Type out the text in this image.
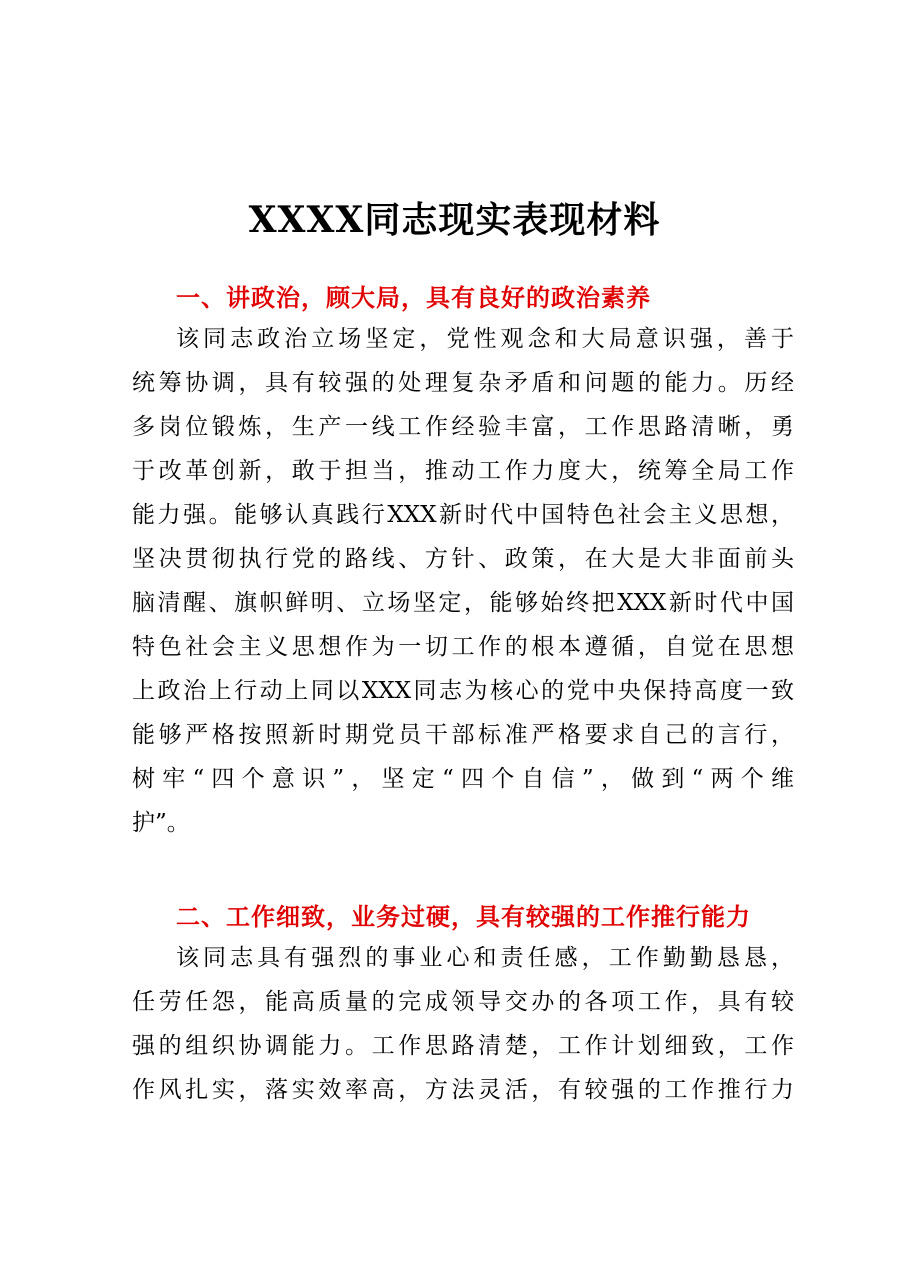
XXXX同志现实表现材料
一、讲政治，顾大局，具有良好的政治素养
该同志政治立场坚定，党性观念和大局意识强，善于
统筹协调，具有较强的处理复杂矛盾和问题的能力。历经
多岗位锻炼，生产一线工作经验丰富，工作思路清晰，勇
于改革创新，敢于担当，推动工作力度大，统筹全局工作
能力强。能够认真践行XXX新时代中国特色社会主义思想，
坚决贯彻执行党的路线、方针、政策，在大是大非面前头
脑清醒、旗帜鲜明、立场坚定，能够始终把XXX新时代中国
特色社会主义思想作为一切工作的根本遵循，自觉在思想
上政治上行动上同以XXX同志为核心的党中央保持高度一致
能够严格按照新时期党员干部标准严格要求自己的言行，
树牢“四个意识”，坚定“四个自信”，做到“两个维
护”。
二、工作细致，业务过硬，具有较强的工作推行能力
该同志具有强烈的事业心和责任感，工作勤勤恳恳，
任劳任怨，能高质量的完成领导交办的各项工作，具有较
强的组织协调能力。工作思路清楚，工作计划细致，工作
作风扎实，落实效率高，方法灵活，有较强的工作推行力
